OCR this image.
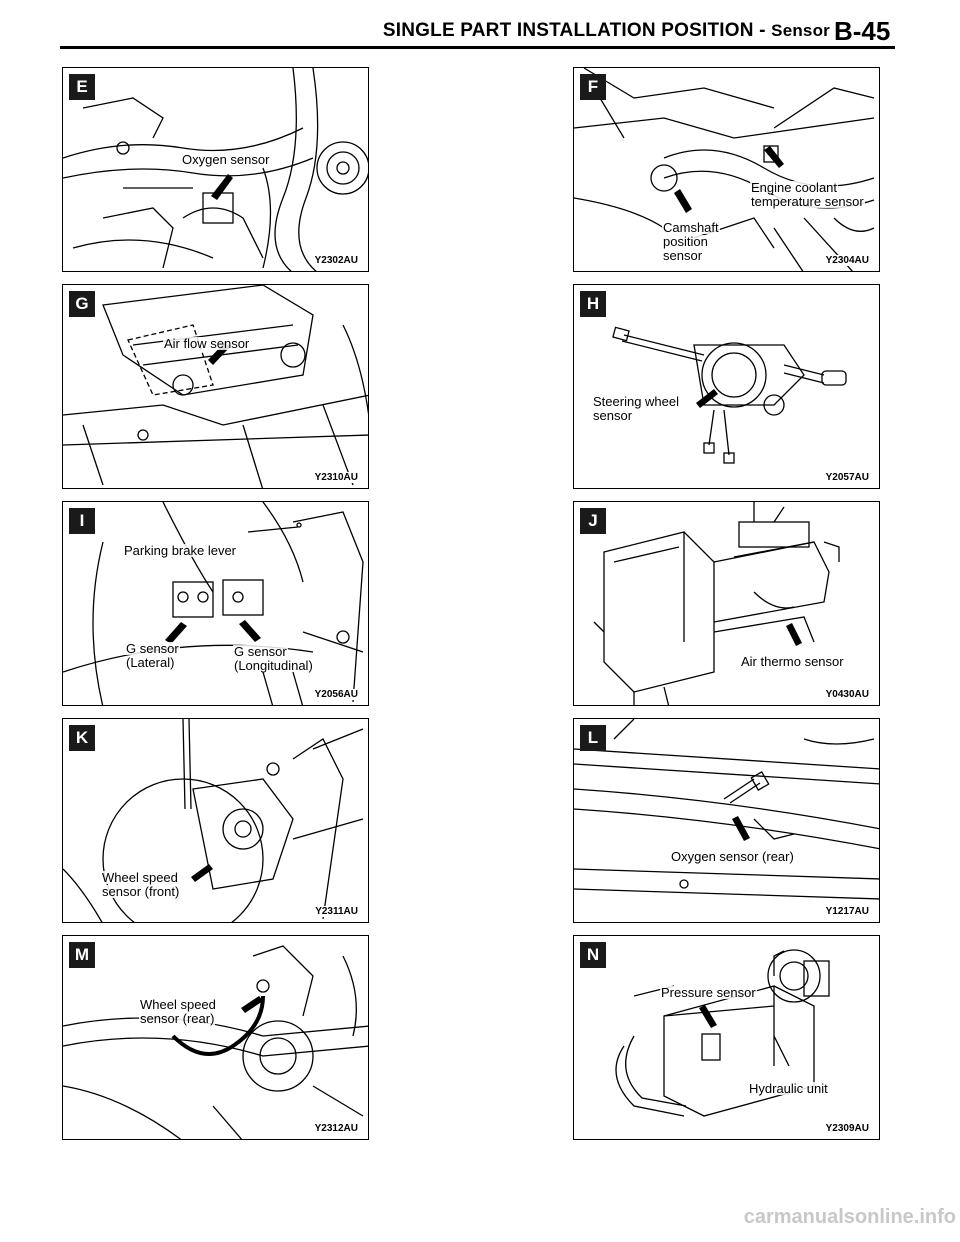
SINGLE PART INSTALLATION POSITION - Sensor B-45
E
Oxygen sensor
Y2302AU
F
Engine coolant
temperature sensor
Camshaft
position
sensor	Y2304AU
G
Air flow sensor
Y2310AU
H
Steering wheel
sensor
Y2057AU
I
Parking brake lever
G sensor
(Lateral)
G sensor
(Longitudinal)
Y2056AU
J
Air thermo sensor
Y0430AU
K
Wheel speed
sensor (front)
Y2311AU
L
Oxygen sensor (rear)
Y1217AU
M
Wheel speed
sensor (rear)
Y2312AU
N
Pressure sensor
Hydraulic unit
Y2309AU
carmanualsonline.info
